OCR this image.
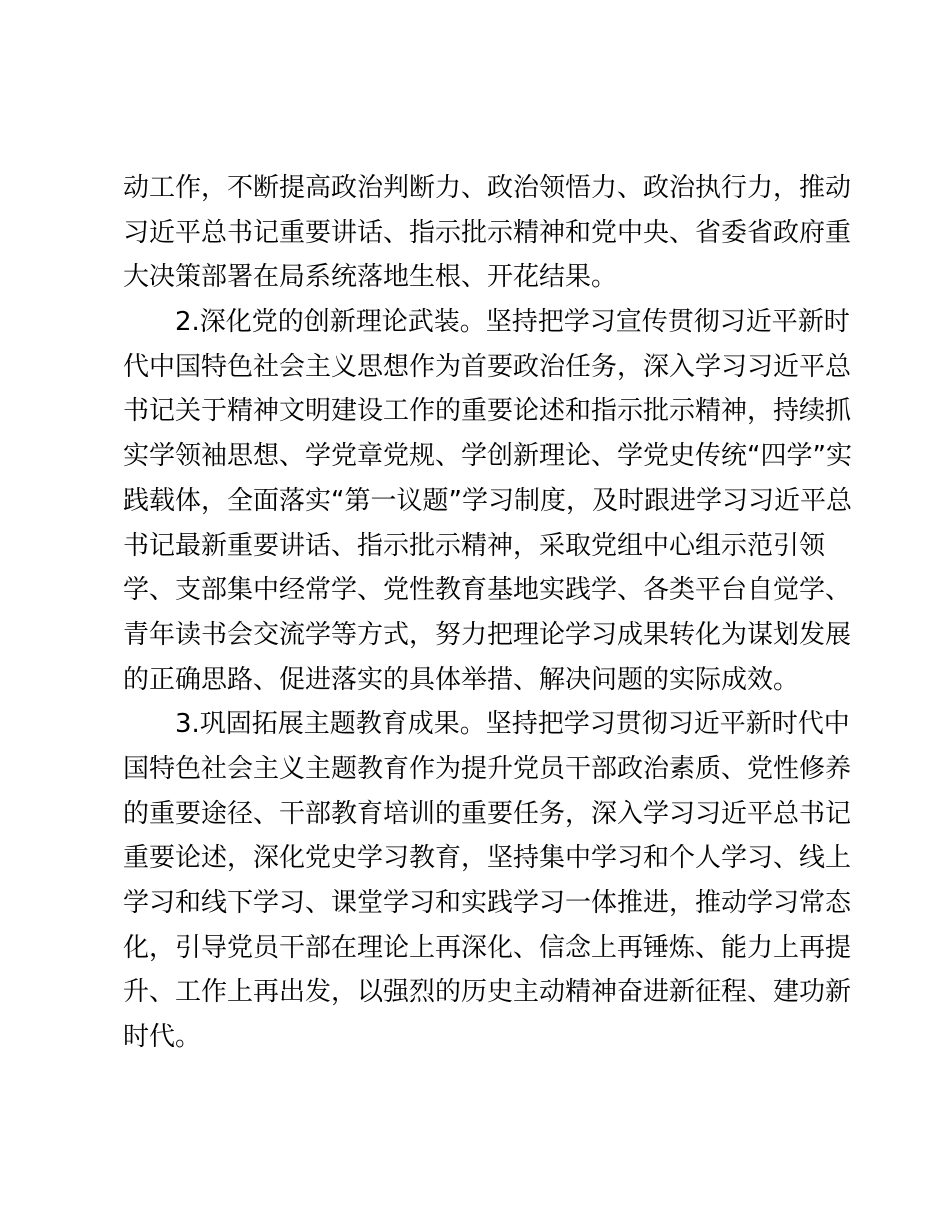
动工作，不断提高政治判断力、政治领悟力、政治执行力，推动
习近平总书记重要讲话、指示批示精神和党中央、省委省政府重
大决策部署在局系统落地生根、开花结果。
2.深化党的创新理论武装。坚持把学习宣传贯彻习近平新时
代中国特色社会主义思想作为首要政治任务，深入学习习近平总
书记关于精神文明建设工作的重要论述和指示批示精神，持续抓
实学领袖思想、学党章党规、学创新理论、学党史传统“四学”实
践载体，全面落实“第一议题”学习制度，及时跟进学习习近平总
书记最新重要讲话、指示批示精神，采取党组中心组示范引领
学、支部集中经常学、党性教育基地实践学、各类平台自觉学、
青年读书会交流学等方式，努力把理论学习成果转化为谋划发展
的正确思路、促进落实的具体举措、解决问题的实际成效。
3.巩固拓展主题教育成果。坚持把学习贯彻习近平新时代中
国特色社会主义主题教育作为提升党员干部政治素质、党性修养
的重要途径、干部教育培训的重要任务，深入学习习近平总书记
重要论述，深化党史学习教育，坚持集中学习和个人学习、线上
学习和线下学习、课堂学习和实践学习一体推进，推动学习常态
化，引导党员干部在理论上再深化、信念上再锤炼、能力上再提
升、工作上再出发，以强烈的历史主动精神奋进新征程、建功新
时代。
